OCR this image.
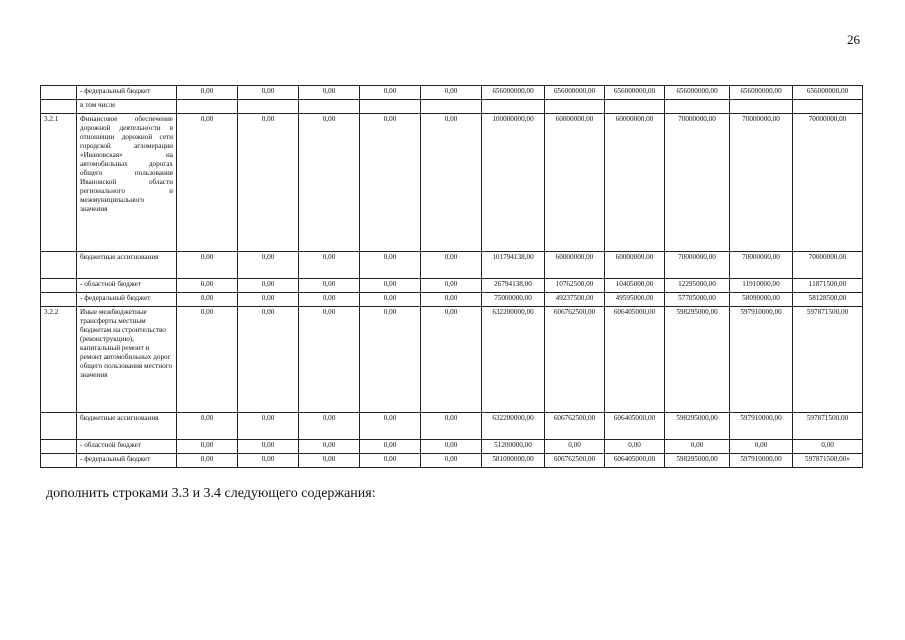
26
	- федеральный бюджет	0,00	0,00	0,00	0,00	0,00	656000000,00	656000000,00	656000000,00	656000000,00	656000000,00	656000000,00
	в том числе											
3.2.1	Финансовое обеспечение дорожной деятельности в отношении дорожной сети городской агломерации «Ивановская» на автомобильных дорогах общего пользования Ивановской области регионального и межмуниципального значения	0,00	0,00	0,00	0,00	0,00	100000000,00	60000000,00	60000000,00	70000000,00	70000000,00	70000000,00
	бюджетные ассигнования	0,00	0,00	0,00	0,00	0,00	101794138,00	60000000,00	60000000,00	70000000,00	70000000,00	70000000,00
	- областной бюджет	0,00	0,00	0,00	0,00	0,00	26794138,00	10762500,00	10405000,00	12295000,00	11910000,00	11871500,00
	- федеральный бюджет	0,00	0,00	0,00	0,00	0,00	75000000,00	49237500,00	49595000,00	57705000,00	58090000,00	58128500,00
3.2.2	Иные межбюджетные трансферты местным бюджетам на строительство (реконструкцию), капитальный ремонт и ремонт автомобильных дорог общего пользования местного значения	0,00	0,00	0,00	0,00	0,00	632200000,00	606762500,00	606405000,00	598295000,00	597910000,00	597871500,00
	бюджетные ассигнования	0,00	0,00	0,00	0,00	0,00	632200000,00	606762500,00	606405000,00	598295000,00	597910000,00	597871500,00
	- областной бюджет	0,00	0,00	0,00	0,00	0,00	51200000,00	0,00	0,00	0,00	0,00	0,00
	- федеральный бюджет	0,00	0,00	0,00	0,00	0,00	581000000,00	606762500,00	606405000,00	598295000,00	597910000,00	597871500,00»
дополнить строками 3.3 и 3.4 следующего содержания:
